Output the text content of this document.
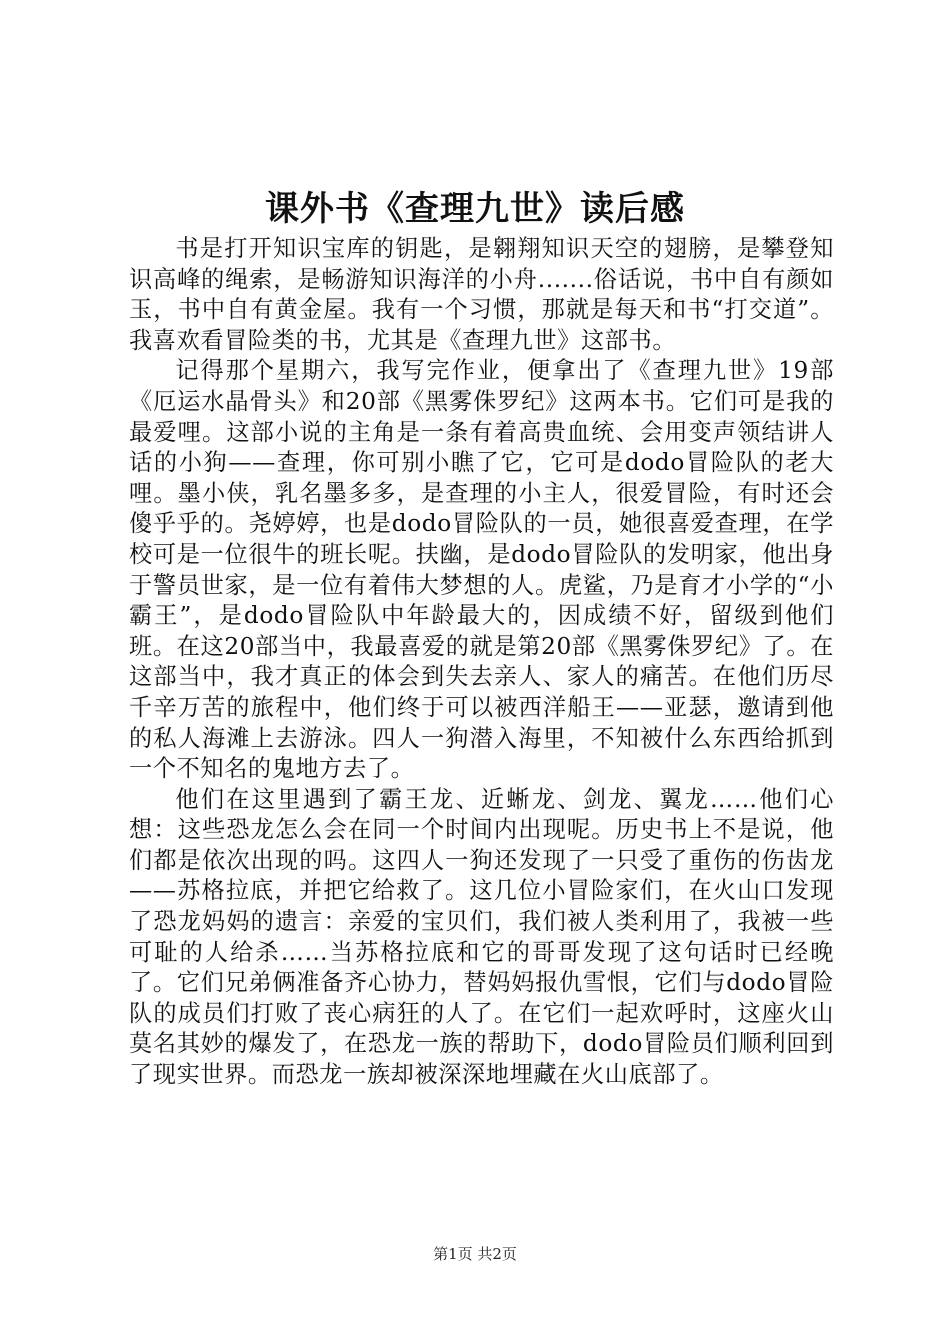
课外书《查理九世》读后感

书是打开知识宝库的钥匙，是翱翔知识天空的翅膀，是攀登知识高峰的绳索，是畅游知识海洋的小舟.......俗话说，书中自有颜如玉，书中自有黄金屋。我有一个习惯，那就是每天和书“打交道”。我喜欢看冒险类的书，尤其是《查理九世》这部书。

记得那个星期六，我写完作业，便拿出了《查理九世》19部《厄运水晶骨头》和20部《黑雾侏罗纪》这两本书。它们可是我的最爱哩。这部小说的主角是一条有着高贵血统、会用变声领结讲人话的小狗——查理，你可别小瞧了它，它可是dodo冒险队的老大哩。墨小侠，乳名墨多多，是查理的小主人，很爱冒险，有时还会傻乎乎的。尧婷婷，也是dodo冒险队的一员，她很喜爱查理，在学校可是一位很牛的班长呢。扶幽，是dodo冒险队的发明家，他出身于警员世家，是一位有着伟大梦想的人。虎鲨，乃是育才小学的“小霸王”，是dodo冒险队中年龄最大的，因成绩不好，留级到他们班。在这20部当中，我最喜爱的就是第20部《黑雾侏罗纪》了。在这部当中，我才真正的体会到失去亲人、家人的痛苦。在他们历尽千辛万苦的旅程中，他们终于可以被西洋船王——亚瑟，邀请到他的私人海滩上去游泳。四人一狗潜入海里，不知被什么东西给抓到一个不知名的鬼地方去了。

他们在这里遇到了霸王龙、近蜥龙、剑龙、翼龙……他们心想：这些恐龙怎么会在同一个时间内出现呢。历史书上不是说，他们都是依次出现的吗。这四人一狗还发现了一只受了重伤的伤齿龙——苏格拉底，并把它给救了。这几位小冒险家们，在火山口发现了恐龙妈妈的遗言：亲爱的宝贝们，我们被人类利用了，我被一些可耻的人给杀……当苏格拉底和它的哥哥发现了这句话时已经晚了。它们兄弟俩准备齐心协力，替妈妈报仇雪恨，它们与dodo冒险队的成员们打败了丧心病狂的人了。在它们一起欢呼时，这座火山莫名其妙的爆发了，在恐龙一族的帮助下，dodo冒险员们顺利回到了现实世界。而恐龙一族却被深深地埋藏在火山底部了。

第1页 共2页
